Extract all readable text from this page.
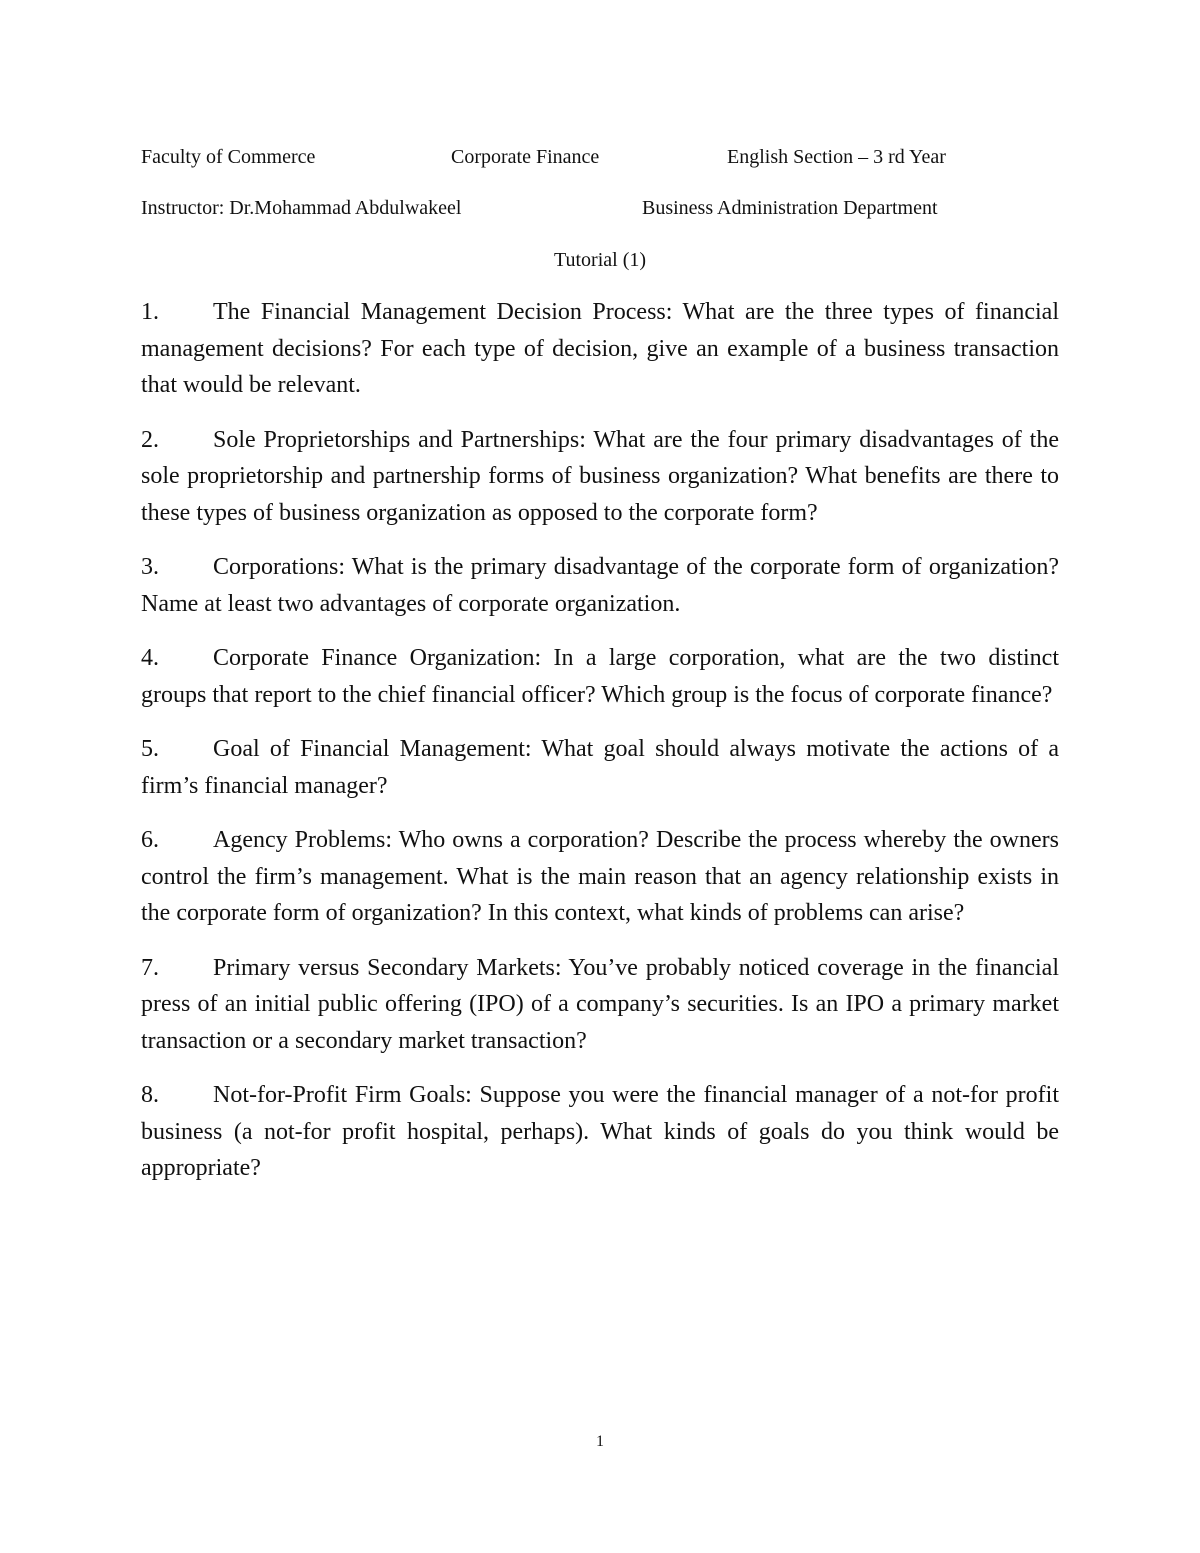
Faculty of Commerce	Corporate Finance	English Section – 3 rd Year
Instructor: Dr.Mohammad Abdulwakeel	Business Administration Department
Tutorial (1)

1. The Financial Management Decision Process: What are the three types of financial management decisions? For each type of decision, give an example of a business transaction that would be relevant.

2. Sole Proprietorships and Partnerships: What are the four primary disadvantages of the sole proprietorship and partnership forms of business organization? What benefits are there to these types of business organization as opposed to the corporate form?

3. Corporations: What is the primary disadvantage of the corporate form of organization? Name at least two advantages of corporate organization.

4. Corporate Finance Organization: In a large corporation, what are the two distinct groups that report to the chief financial officer? Which group is the focus of corporate finance?

5. Goal of Financial Management: What goal should always motivate the actions of a firm’s financial manager?

6. Agency Problems: Who owns a corporation? Describe the process whereby the owners control the firm’s management. What is the main reason that an agency relationship exists in the corporate form of organization? In this context, what kinds of problems can arise?

7. Primary versus Secondary Markets: You’ve probably noticed coverage in the financial press of an initial public offering (IPO) of a company’s securities. Is an IPO a primary market transaction or a secondary market transaction?

8. Not-for-Profit Firm Goals: Suppose you were the financial manager of a not-for profit business (a not-for profit hospital, perhaps). What kinds of goals do you think would be appropriate?

1
